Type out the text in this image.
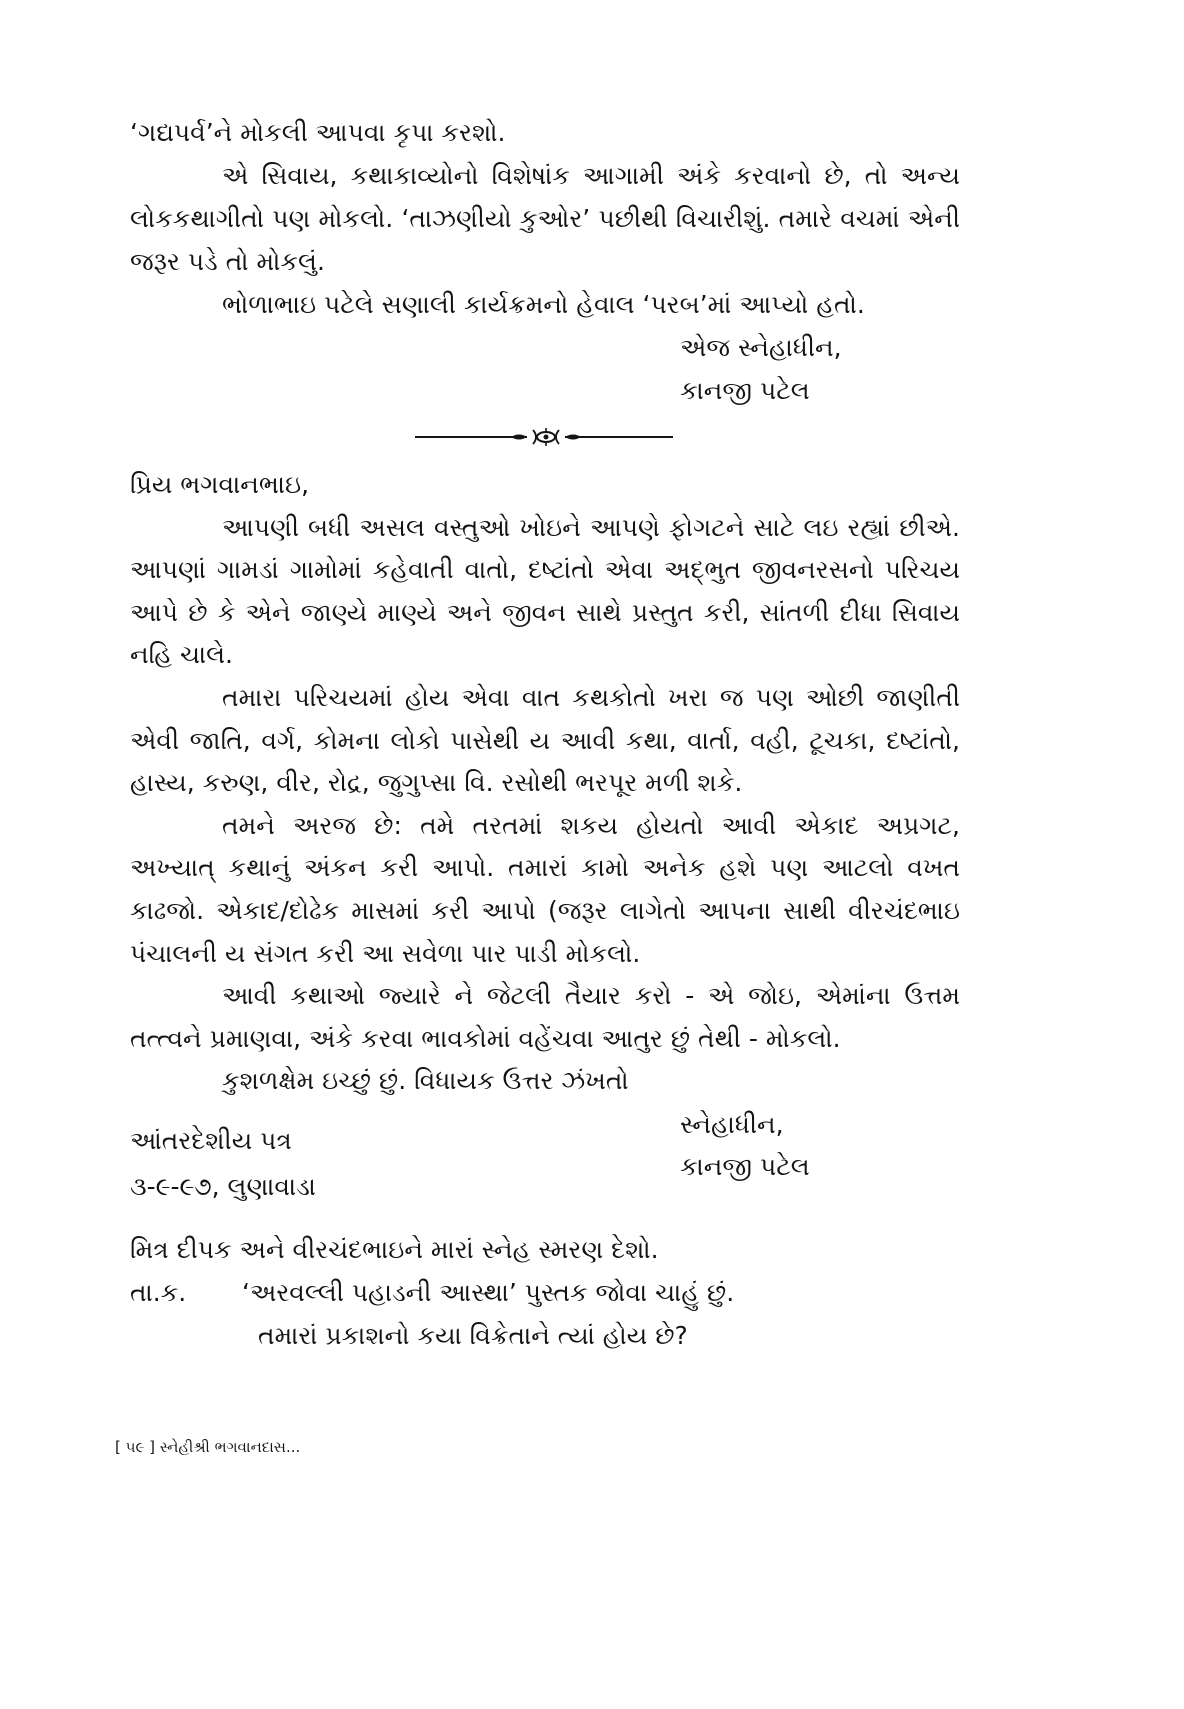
‘ગદ્યપર્વ’ને મોકલી આપવા કૃપા કરશો.

એ સિવાય, કથાકાવ્યોનો વિશેષાંક આગામી અંકે કરવાનો છે, તો અન્ય લોકકથાગીતો પણ મોકલો. ‘તાઝણીયો કુઓર’ પછીથી વિચારીશું. તમારે વચમાં એની જરૂર પડે તો મોકલું.

ભોળાભાઇ પટેલે સણાલી કાર્યક્રમનો હેવાલ ‘પરબ’માં આપ્યો હતો.

એજ સ્નેહાધીન,
કાનજી પટેલ

પ્રિય ભગવાનભાઇ,

આપણી બધી અસલ વસ્તુઓ ખોઇને આપણે ફોગટને સાટે લઇ રહ્યાં છીએ. આપણાં ગામડાં ગામોમાં કહેવાતી વાતો, દષ્ટાંતો એવા અદ્ભુત જીવનરસનો પરિચય આપે છે કે એને જાણ્યે માણ્યે અને જીવન સાથે પ્રસ્તુત કરી, સાંતળી દીધા સિવાય નહિ ચાલે.

તમારા પરિચયમાં હોય એવા વાત કથકોતો ખરા જ પણ ઓછી જાણીતી એવી જાતિ, વર્ગ, કોમના લોકો પાસેથી ય આવી કથા, વાર્તા, વહી, ટૂચકા, દષ્ટાંતો, હાસ્ય, કરુણ, વીર, રોદ્ર, જુગુપ્સા વિ. રસોથી ભરપૂર મળી શકે.

તમને અરજ છે: તમે તરતમાં શકય હોયતો આવી એકાદ અપ્રગટ, અખ્યાત્ કથાનું અંકન કરી આપો. તમારાં કામો અનેક હશે પણ આટલો વખત કાઢજો. એકાદ/દોઢેક માસમાં કરી આપો (જરૂર લાગેતો આપના સાથી વીરચંદભાઇ પંચાલની ય સંગત કરી આ સવેળા પાર પાડી મોકલો.

આવી કથાઓ જ્યારે ને જેટલી તૈયાર કરો - એ જોઇ, એમાંના ઉત્તમ તત્ત્વને પ્રમાણવા, અંકે કરવા ભાવકોમાં વહેંચવા આતુર છું તેથી - મોકલો.

કુશળક્ષેમ ઇચ્છું છું. વિધાયક ઉત્તર ઝંખતો

સ્નેહાધીન,
આંતરદેશીય પત્ર
કાનજી પટેલ
૩-૯-૯૭, લુણાવાડા

મિત્ર દીપક અને વીરચંદભાઇને મારાં સ્નેહ સ્મરણ દેશો.

તા.ક. ‘અરવલ્લી પહાડની આસ્થા’ પુસ્તક જોવા ચાહું છું.

તમારાં પ્રકાશનો કયા વિક્રેતાને ત્યાં હોય છે?
[ ૫૯ ] સ્નેહીશ્રી ભગવાનદાસ...
